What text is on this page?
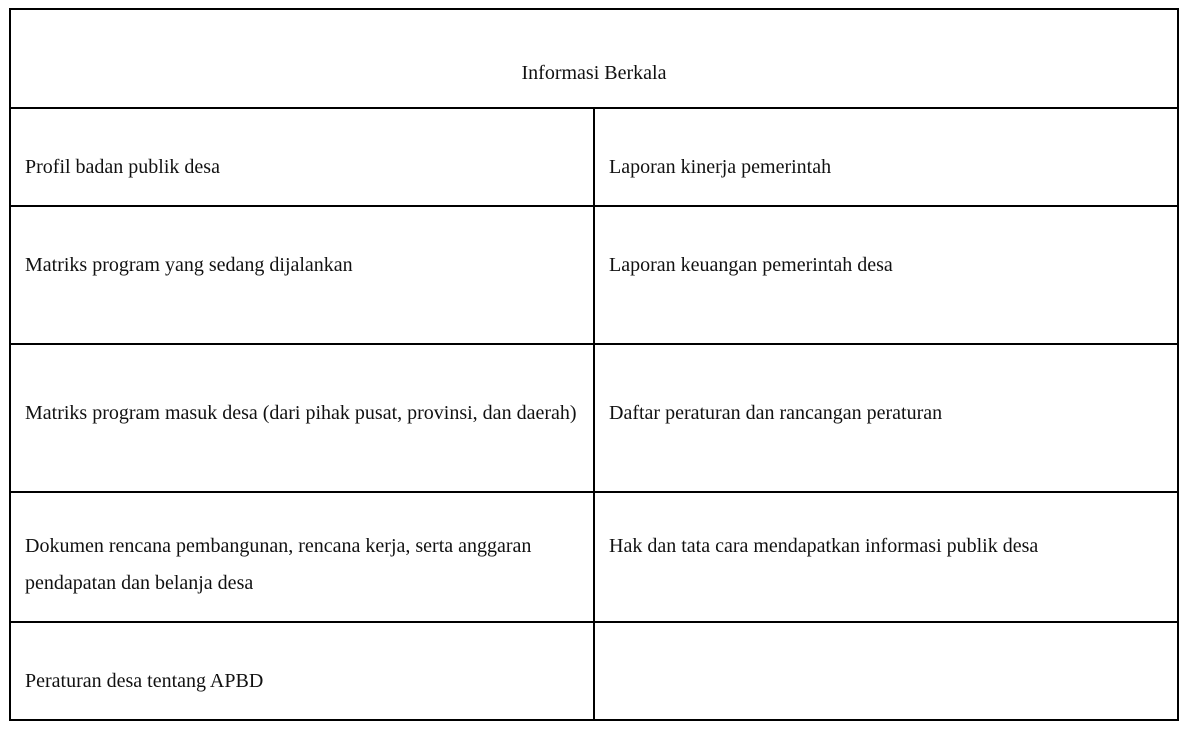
Informasi Berkala	

Profil badan publik desa	Laporan kinerja pemerintah

Matriks program yang sedang dijalankan	Laporan keuangan pemerintah desa

Matriks program masuk desa (dari pihak pusat, provinsi, dan daerah)	Daftar peraturan dan rancangan peraturan

Dokumen rencana pembangunan, rencana kerja, serta anggaran pendapatan dan belanja desa	Hak dan tata cara mendapatkan informasi publik desa

Peraturan desa tentang APBD	
